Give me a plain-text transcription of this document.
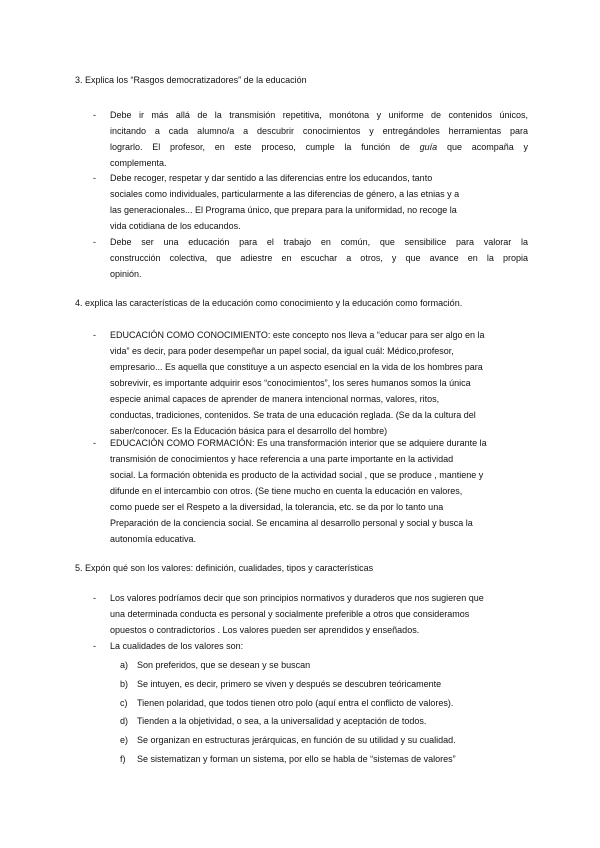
3. Explica los “Rasgos democratizadores” de la educación
- Debe ir más allá de la transmisión repetitiva, monótona y uniforme de contenidos únicos,
incitando a cada alumno/a a descubrir conocimientos y entregándoles herramientas para
lograrlo. El profesor, en este proceso, cumple la función de guía que acompaña y
complementa.
- Debe recoger, respetar y dar sentido a las diferencias entre los educandos, tanto
sociales como individuales, particularmente a las diferencias de género, a las etnias y a
las generacionales... El Programa único, que prepara para la uniformidad, no recoge la
vida cotidiana de los educandos.
- Debe ser una educación para el trabajo en común, que sensibilice para valorar la
construcción colectiva, que adiestre en escuchar a otros, y que avance en la propia
opinión.
4. explica las características de la educación como conocimiento y la educación como formación.
- EDUCACIÓN COMO CONOCIMIENTO: este concepto nos lleva a “educar para ser algo en la
vida” es decir, para poder desempeñar un papel social, da igual cuál: Médico,profesor,
empresario... Es aquella que constituye a un aspecto esencial en la vida de los hombres para
sobrevivir, es importante adquirir esos “conocimientos”, los seres humanos somos la única
especie animal capaces de aprender de manera intencional normas, valores, ritos,
conductas, tradiciones, contenidos. Se trata de una educación reglada. (Se da la cultura del
saber/conocer. Es la Educación básica para el desarrollo del hombre)
- EDUCACIÓN COMO FORMACIÓN: Es una transformación interior que se adquiere durante la
transmisión de conocimientos y hace referencia a una parte importante en la actividad
social. La formación obtenida es producto de la actividad social , que se produce , mantiene y
difunde en el intercambio con otros. (Se tiene mucho en cuenta la educación en valores,
como puede ser el Respeto a la diversidad, la tolerancia, etc. se da por lo tanto una
Preparación de la conciencia social. Se encamina al desarrollo personal y social y busca la
autonomía educativa.
5. Expón qué son los valores: definición, cualidades, tipos y características
- Los valores podríamos decir que son principios normativos y duraderos que nos sugieren que
una determinada conducta es personal y socialmente preferible a otros que consideramos
opuestos o contradictorios . Los valores pueden ser aprendidos y enseñados.
- La cualidades de los valores son:
a) Son preferidos, que se desean y se buscan
b) Se intuyen, es decir, primero se viven y después se descubren teóricamente
c) Tienen polaridad, que todos tienen otro polo (aquí entra el conflicto de valores).
d) Tienden a la objetividad, o sea, a la universalidad y aceptación de todos.
e) Se organizan en estructuras jerárquicas, en función de su utilidad y su cualidad.
f) Se sistematizan y forman un sistema, por ello se habla de “sistemas de valores”
